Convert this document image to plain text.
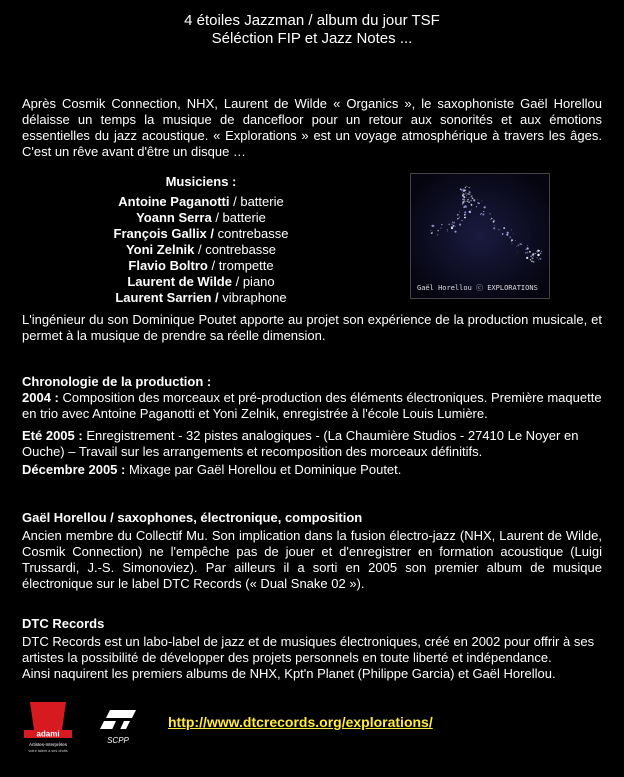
4 étoiles Jazzman / album du jour TSF
Séléction FIP et Jazz Notes ...
Après Cosmik Connection, NHX, Laurent de Wilde « Organics », le saxophoniste Gaël Horellou délaisse un temps la musique de dancefloor pour un retour aux sonorités et aux émotions essentielles du jazz acoustique. « Explorations » est un voyage atmosphérique à travers les âges. C'est un rêve avant d'être un disque …
Musiciens :
Antoine Paganotti / batterie
Yoann Serra / batterie
François Gallix / contrebasse
Yoni Zelnik / contrebasse
Flavio Boltro / trompette
Laurent de Wilde / piano
Laurent Sarrien / vibraphone
Gaël Horellou ⓒ EXPLORATIONS
L'ingénieur du son Dominique Poutet apporte au projet son expérience de la production musicale, et permet à la musique de prendre sa réelle dimension.
Chronologie de la production :
2004 : Composition des morceaux et pré-production des éléments électroniques. Première maquette en trio avec Antoine Paganotti et Yoni Zelnik, enregistrée à l'école Louis Lumière.
Eté 2005 : Enregistrement - 32 pistes analogiques - (La Chaumière Studios - 27410 Le Noyer en Ouche) – Travail sur les arrangements et recomposition des morceaux définitifs.
Décembre 2005 : Mixage par Gaël Horellou et Dominique Poutet.
Gaël Horellou / saxophones, électronique, composition
Ancien membre du Collectif Mu. Son implication dans la fusion électro-jazz (NHX, Laurent de Wilde, Cosmik Connection) ne l'empêche pas de jouer et d'enregistrer en formation acoustique (Luigi Trussardi, J.-S. Simonoviez). Par ailleurs il a sorti en 2005 son premier album de musique électronique sur le label DTC Records (« Dual Snake 02 »).
DTC Records
DTC Records est un labo-label de jazz et de musiques électroniques, créé en 2002 pour offrir à ses artistes la possibilité de développer des projets personnels en toute liberté et indépendance.
Ainsi naquirent les premiers albums de NHX, Kpt'n Planet (Philippe Garcia) et Gaël Horellou.
adami
Artistes-Interprètes
votre talent a ses droits
SCPP
http://www.dtcrecords.org/explorations/
